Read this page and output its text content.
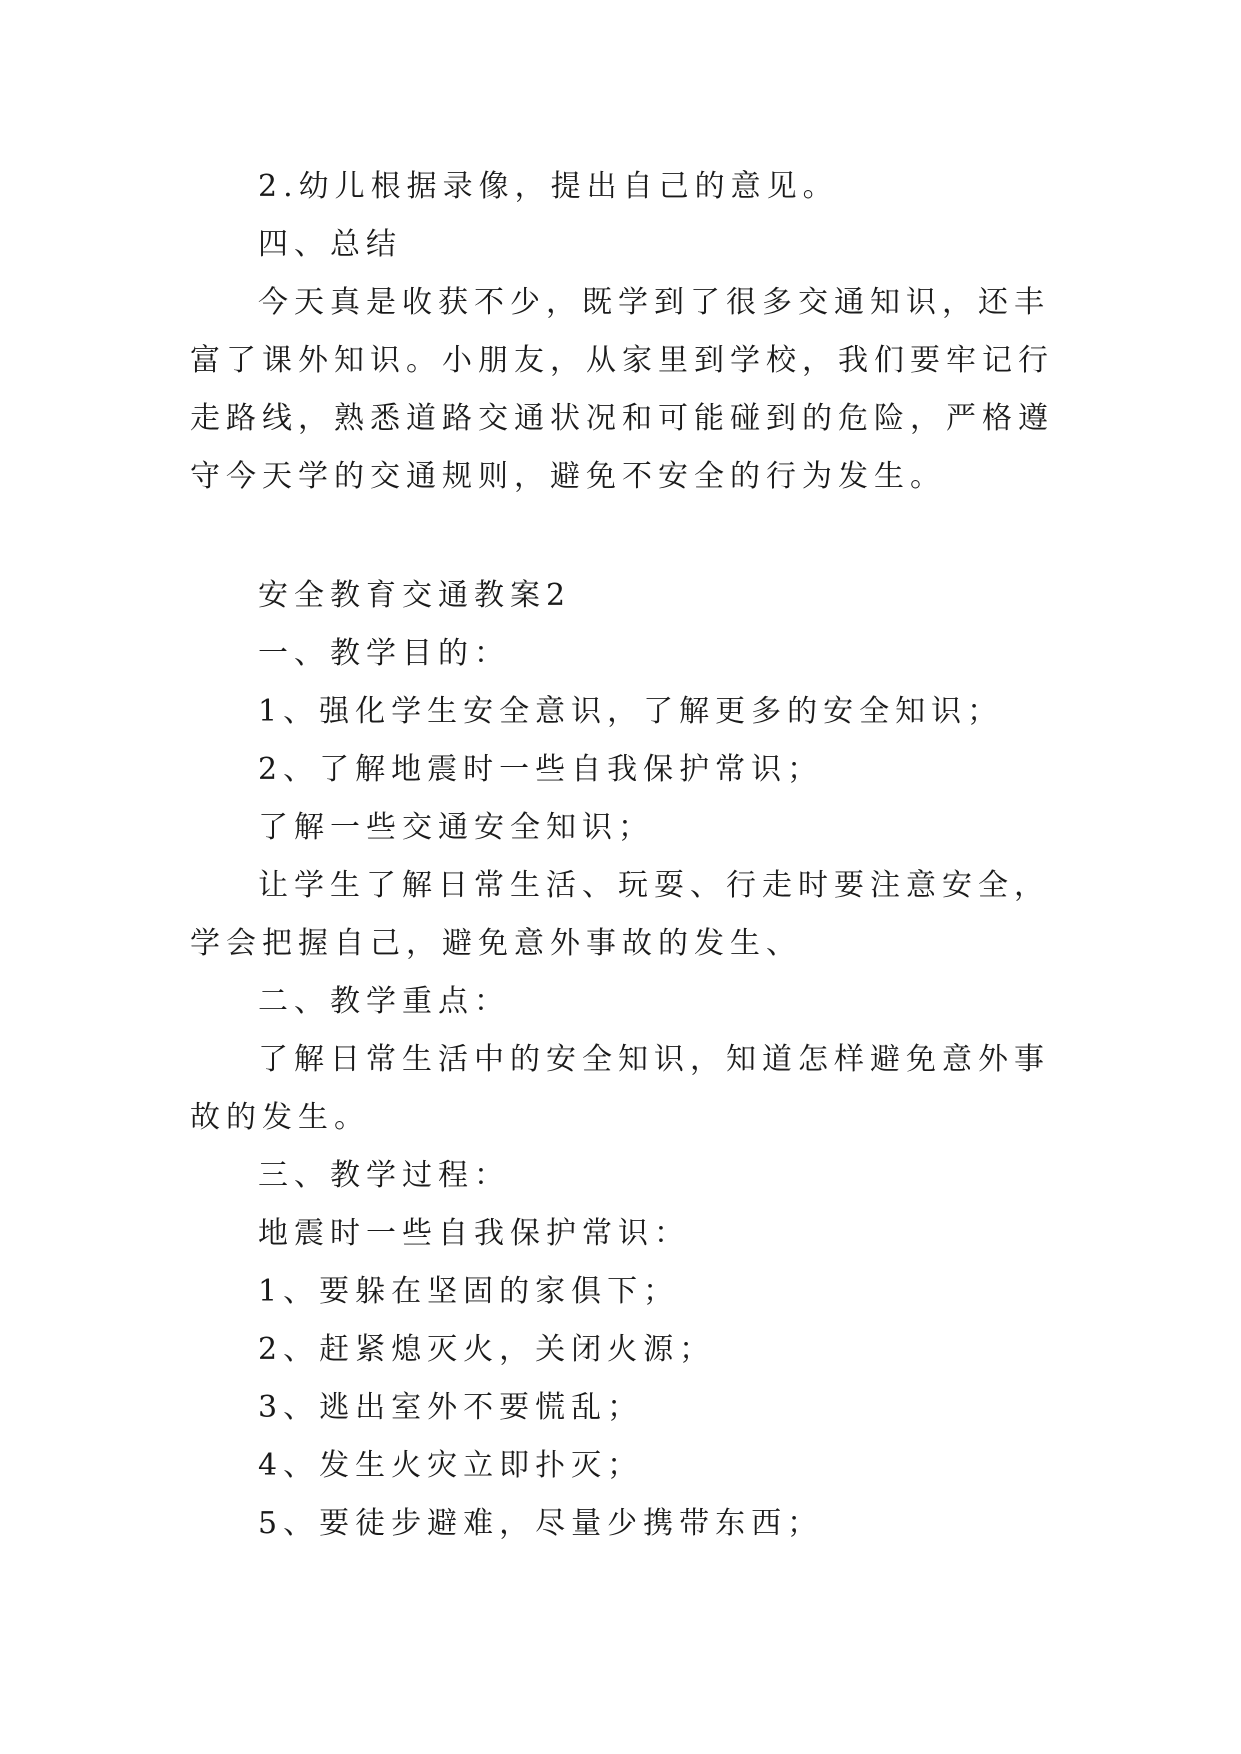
2.幼儿根据录像，提出自己的意见。

四、总结

今天真是收获不少，既学到了很多交通知识，还丰富了课外知识。小朋友，从家里到学校，我们要牢记行走路线，熟悉道路交通状况和可能碰到的危险，严格遵守今天学的交通规则，避免不安全的行为发生。

安全教育交通教案2

一、教学目的：

1、强化学生安全意识，了解更多的安全知识；

2、了解地震时一些自我保护常识；

了解一些交通安全知识；

让学生了解日常生活、玩耍、行走时要注意安全，学会把握自己，避免意外事故的发生、

二、教学重点：

了解日常生活中的安全知识，知道怎样避免意外事故的发生。

三、教学过程：

地震时一些自我保护常识：

1、要躲在坚固的家俱下；

2、赶紧熄灭火，关闭火源；

3、逃出室外不要慌乱；

4、发生火灾立即扑灭；

5、要徒步避难，尽量少携带东西；
